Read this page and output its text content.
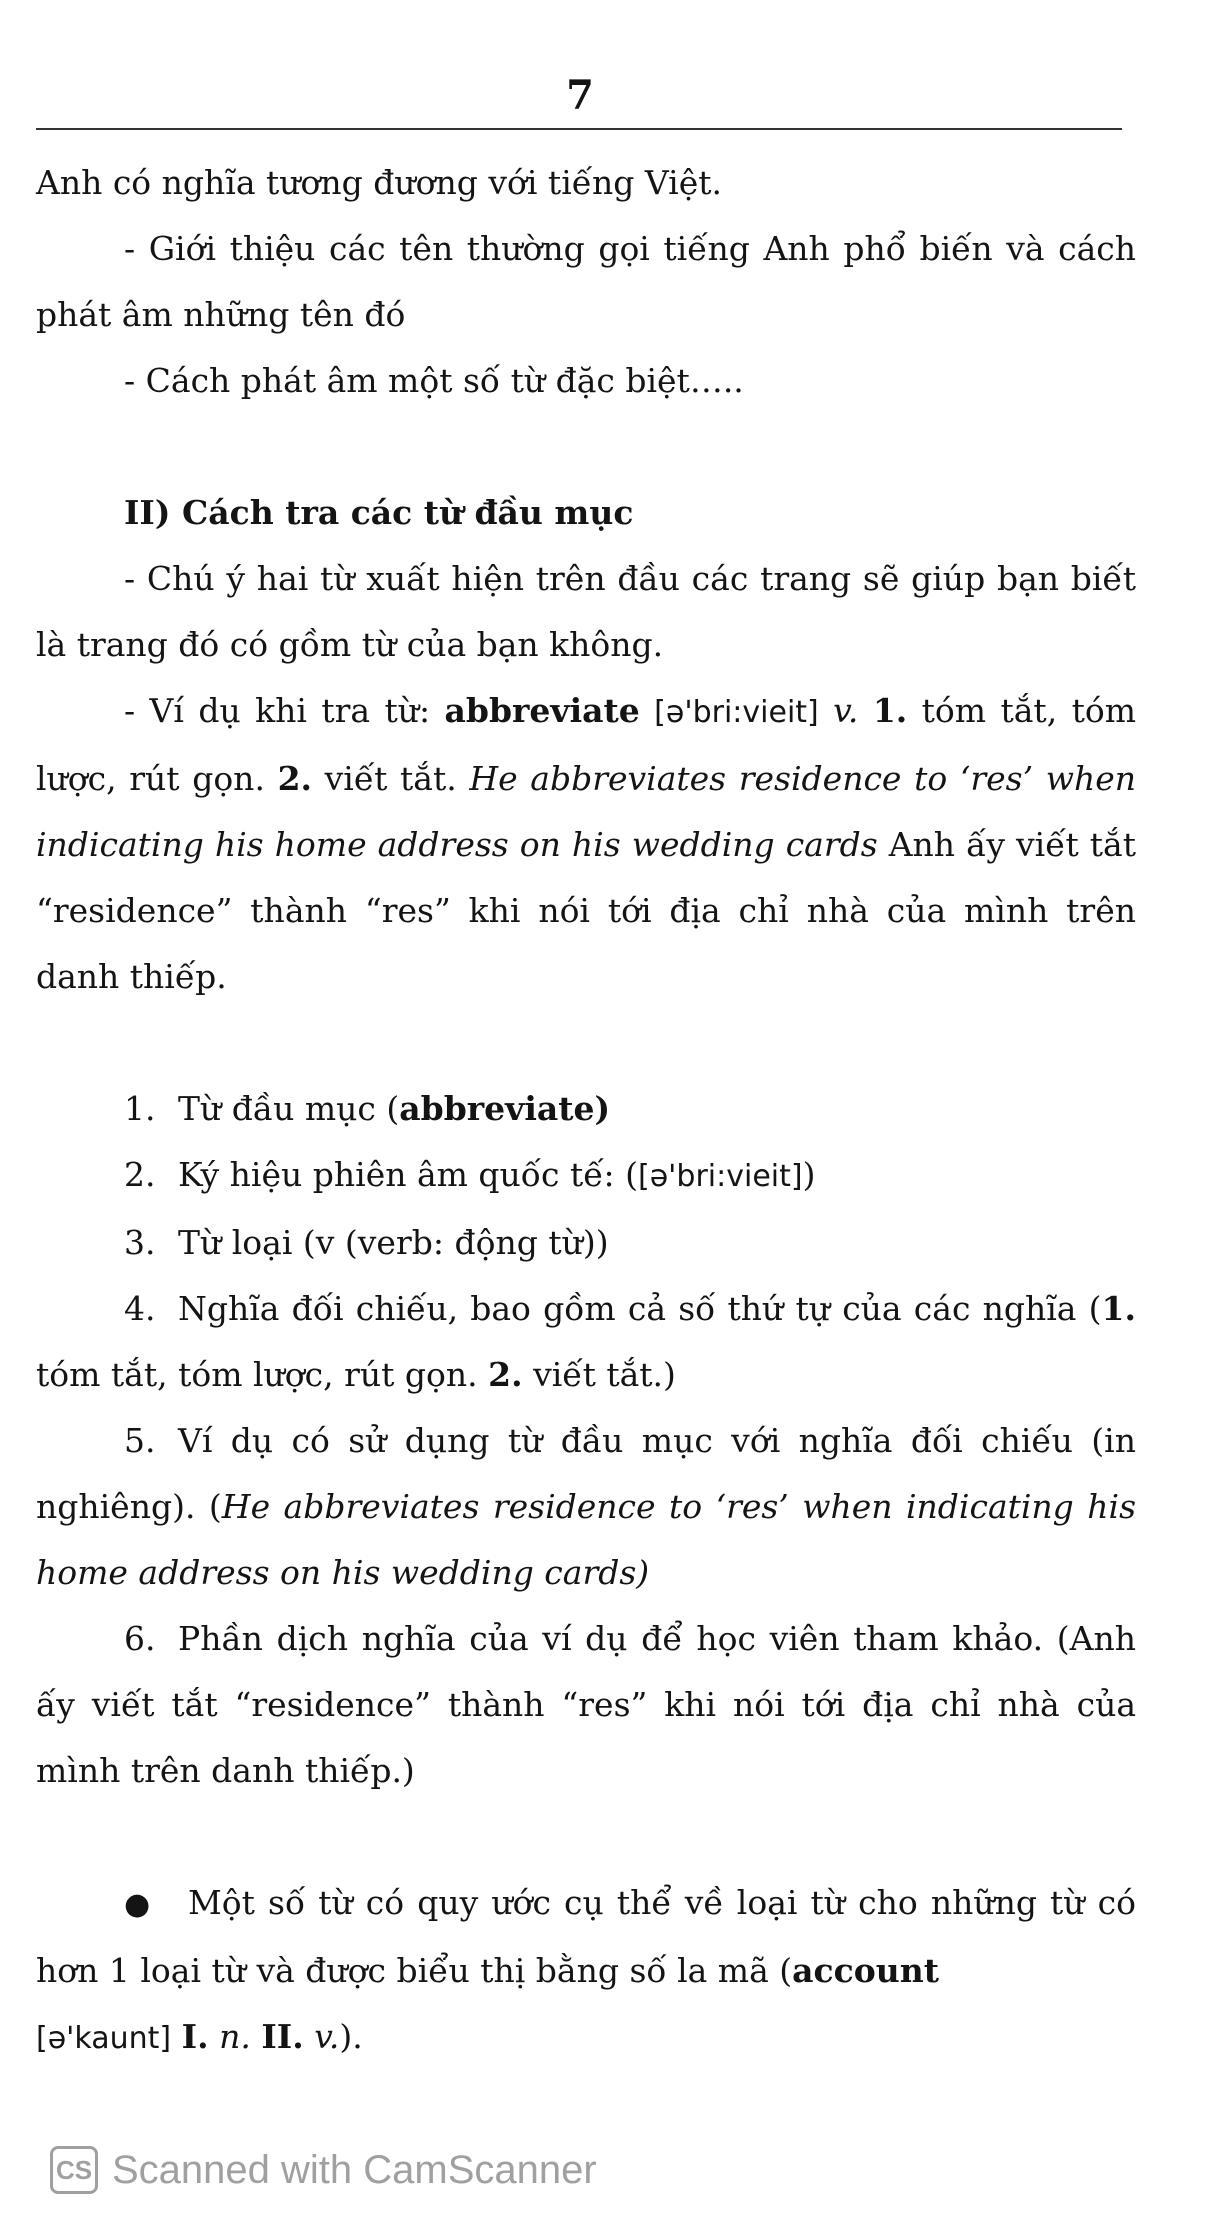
7

Anh có nghĩa tương đương với tiếng Việt.

- Giới thiệu các tên thường gọi tiếng Anh phổ biến và cách phát âm những tên đó

- Cách phát âm một số từ đặc biệt…..

II) Cách tra các từ đầu mục

- Chú ý hai từ xuất hiện trên đầu các trang sẽ giúp bạn biết là trang đó có gồm từ của bạn không.

- Ví dụ khi tra từ: abbreviate [ə'bri:vieit] v. 1. tóm tắt, tóm lược, rút gọn. 2. viết tắt. He abbreviates residence to ‘res’ when indicating his home address on his wedding cards Anh ấy viết tắt “residence” thành “res” khi nói tới địa chỉ nhà của mình trên danh thiếp.

1. Từ đầu mục (abbreviate)

2. Ký hiệu phiên âm quốc tế: ([ə'bri:vieit])

3. Từ loại (v (verb: động từ))

4. Nghĩa đối chiếu, bao gồm cả số thứ tự của các nghĩa (1. tóm tắt, tóm lược, rút gọn. 2. viết tắt.)

5. Ví dụ có sử dụng từ đầu mục với nghĩa đối chiếu (in nghiêng). (He abbreviates residence to ‘res’ when indicating his home address on his wedding cards)

6. Phần dịch nghĩa của ví dụ để học viên tham khảo. (Anh ấy viết tắt “residence” thành “res” khi nói tới địa chỉ nhà của mình trên danh thiếp.)

● Một số từ có quy ước cụ thể về loại từ cho những từ có hơn 1 loại từ và được biểu thị bằng số la mã (account
[ə'kaunt] I. n. II. v.).

CS Scanned with CamScanner
